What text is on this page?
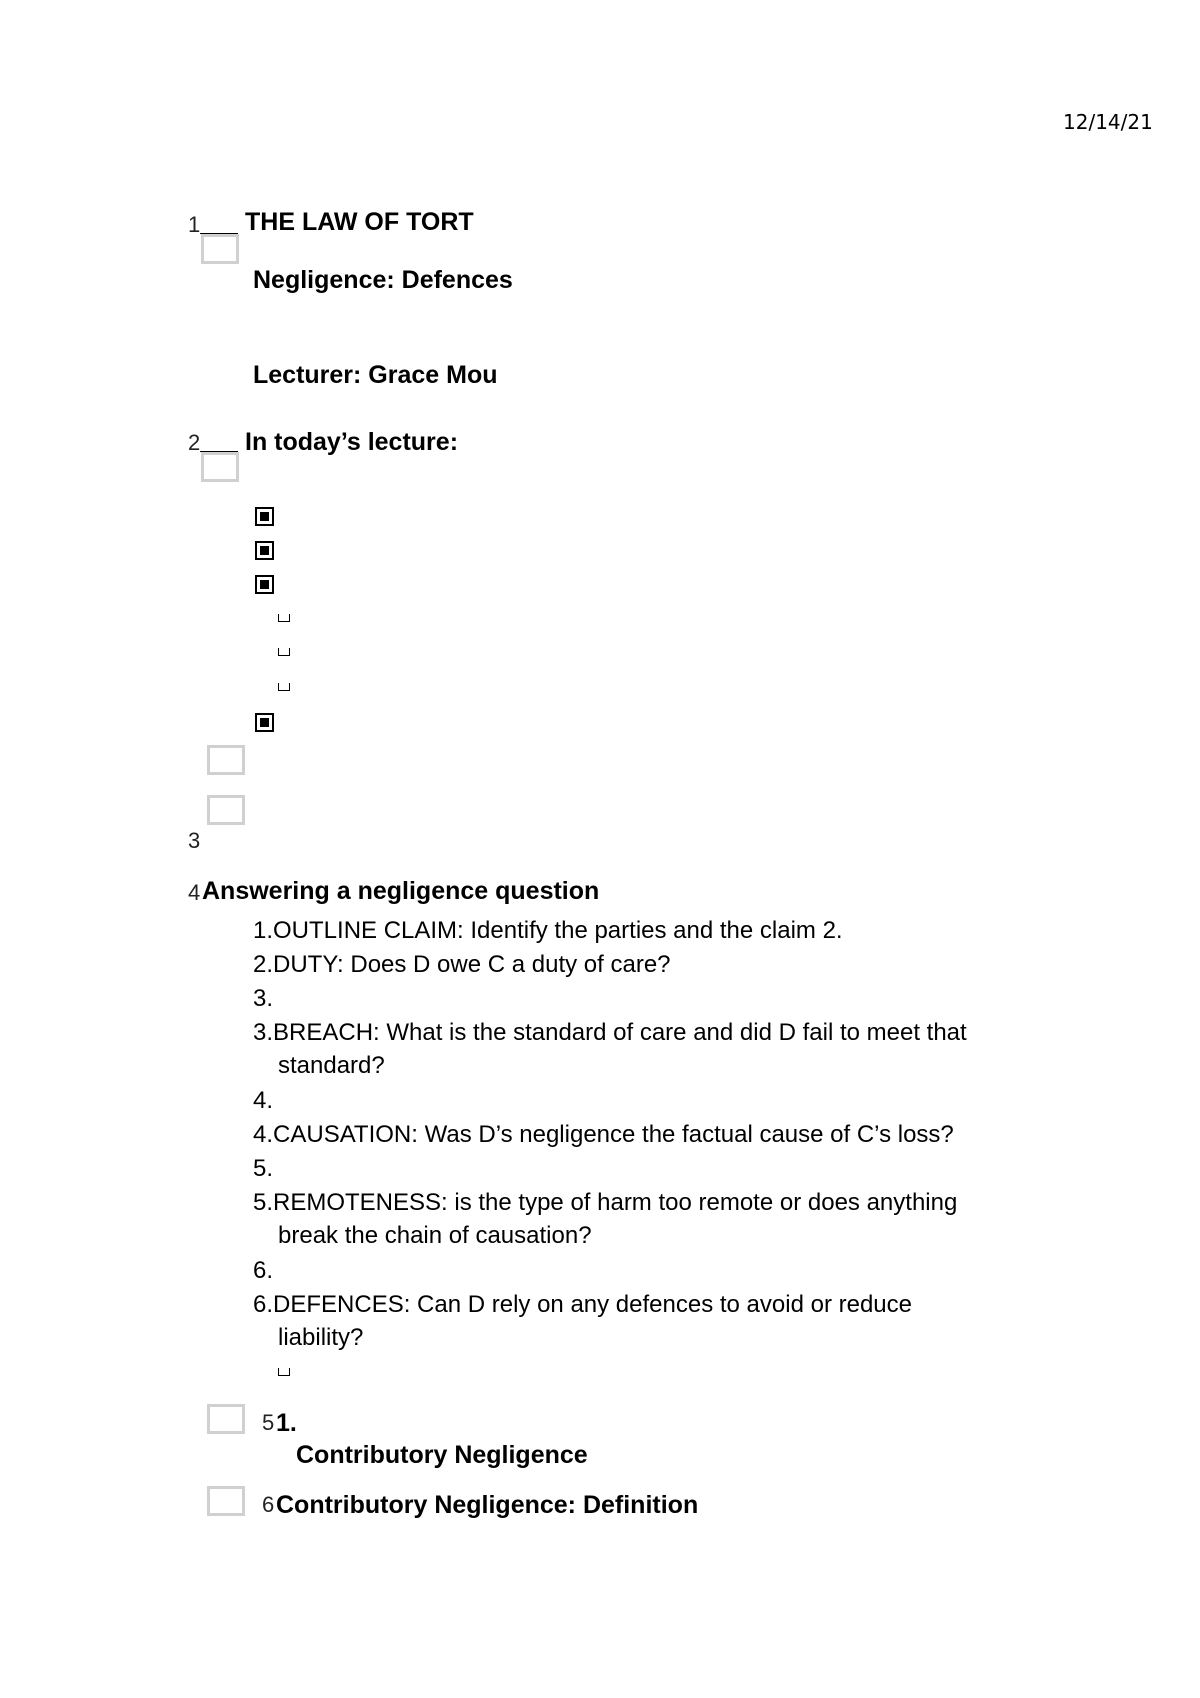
12/14/21
1 THE LAW OF TORT
Negligence: Defences
Lecturer: Grace Mou
2 In today’s lecture:
3
4 Answering a negligence question
1.OUTLINE CLAIM: Identify the parties and the claim 2.
2.DUTY: Does D owe C a duty of care?
3.
3.BREACH: What is the standard of care and did D fail to meet that
standard?
4.
4.CAUSATION: Was D’s negligence the factual cause of C’s loss?
5.
5.REMOTENESS: is the type of harm too remote or does anything
break the chain of causation?
6.
6.DEFENCES: Can D rely on any defences to avoid or reduce
liability?
5 1.
Contributory Negligence
6 Contributory Negligence: Definition
